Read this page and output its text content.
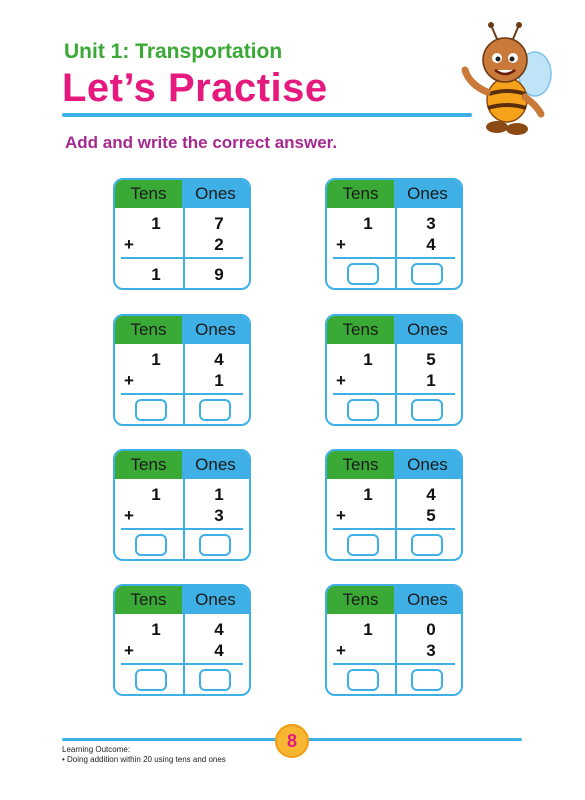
Unit 1: Transportation
Let’s Practise
Add and write the correct answer.
Tens	Ones
1	7
+	2
1	9
Tens	Ones
1	3
+	4
Tens	Ones
1	4
+	1
Tens	Ones
1	5
+	1
Tens	Ones
1	1
+	3
Tens	Ones
1	4
+	5
Tens	Ones
1	4
+	4
Tens	Ones
1	0
+	3
8
Learning Outcome:
• Doing addition within 20 using tens and ones
